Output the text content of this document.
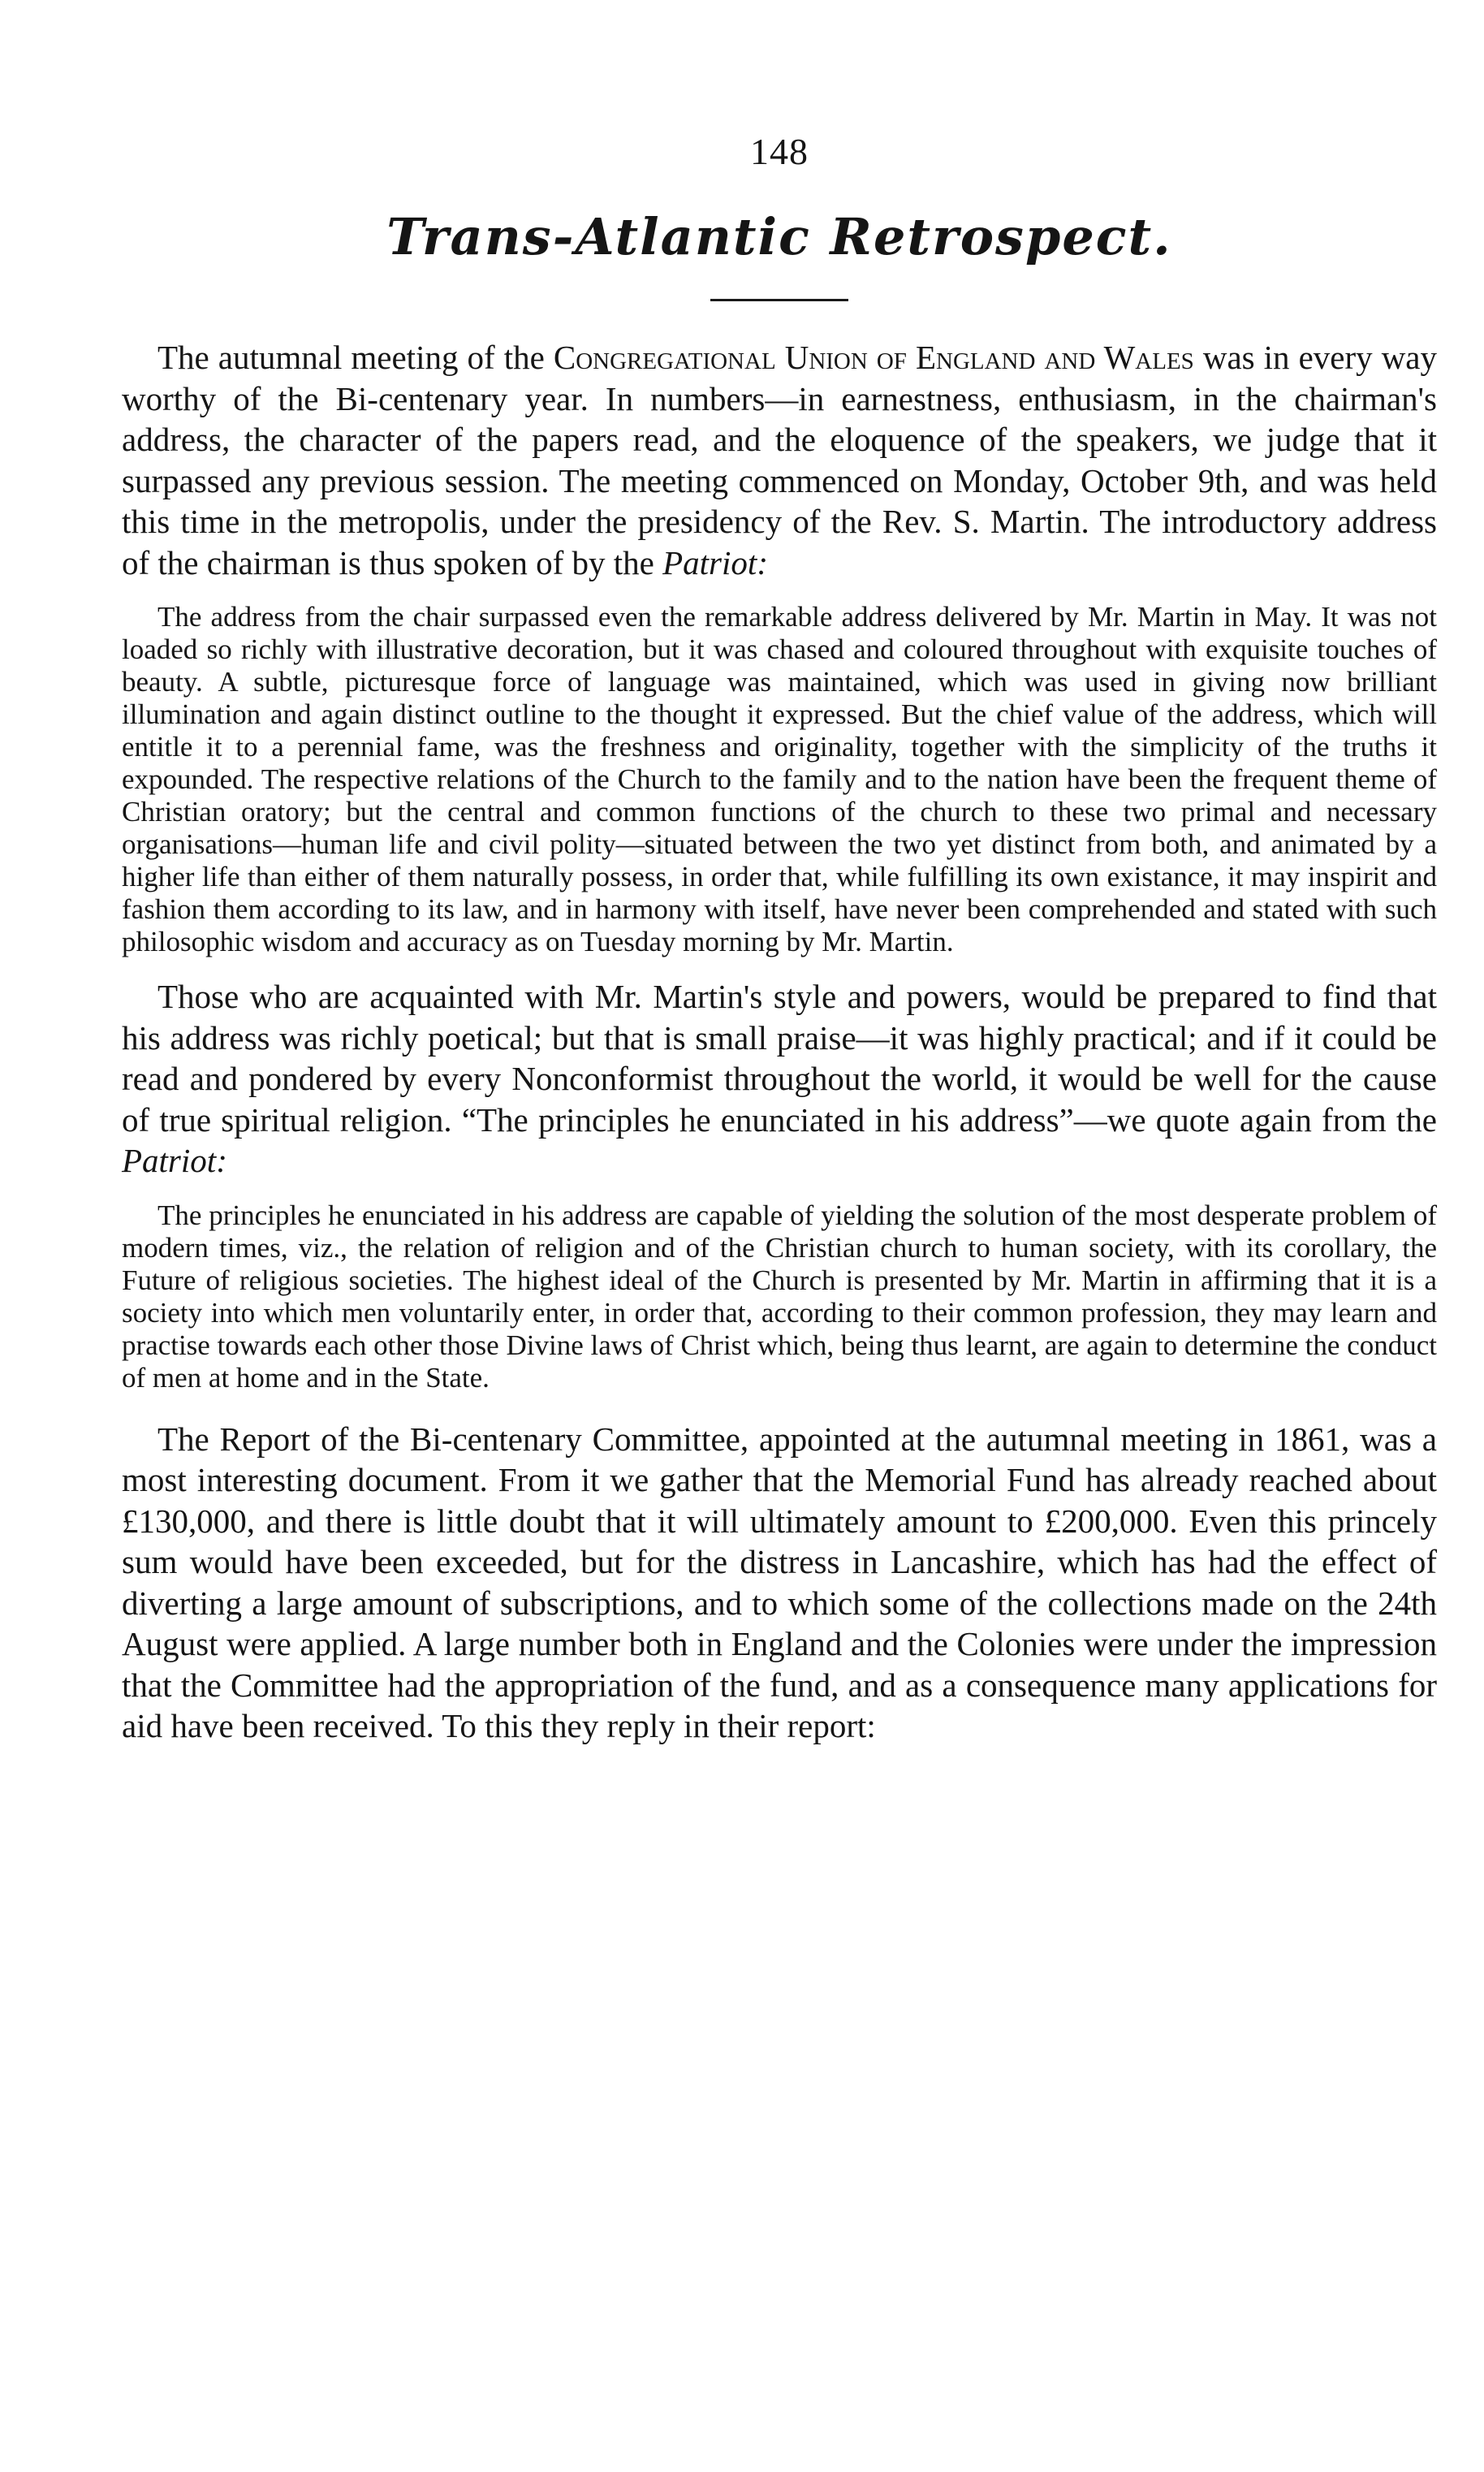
148
Trans-Atlantic Retrospect.

The autumnal meeting of the Congregational Union of England and Wales was in every way worthy of the Bi-centenary year. In numbers—in earnestness, enthusiasm, in the chairman's address, the character of the papers read, and the eloquence of the speakers, we judge that it surpassed any previous session. The meeting commenced on Monday, October 9th, and was held this time in the metropolis, under the presidency of the Rev. S. Martin. The introductory address of the chairman is thus spoken of by the Patriot:

The address from the chair surpassed even the remarkable address delivered by Mr. Martin in May. It was not loaded so richly with illustrative decoration, but it was chased and coloured throughout with exquisite touches of beauty. A subtle, picturesque force of language was maintained, which was used in giving now brilliant illumination and again distinct outline to the thought it expressed. But the chief value of the address, which will entitle it to a perennial fame, was the freshness and originality, together with the simplicity of the truths it expounded. The respective relations of the Church to the family and to the nation have been the frequent theme of Christian oratory; but the central and common functions of the church to these two primal and necessary organisations—human life and civil polity—situated between the two yet distinct from both, and animated by a higher life than either of them naturally possess, in order that, while fulfilling its own existance, it may inspirit and fashion them according to its law, and in harmony with itself, have never been comprehended and stated with such philosophic wisdom and accuracy as on Tuesday morning by Mr. Martin.

Those who are acquainted with Mr. Martin's style and powers, would be prepared to find that his address was richly poetical; but that is small praise—it was highly practical; and if it could be read and pondered by every Nonconformist throughout the world, it would be well for the cause of true spiritual religion. “The principles he enunciated in his address”—we quote again from the Patriot:

The principles he enunciated in his address are capable of yielding the solution of the most desperate problem of modern times, viz., the relation of religion and of the Christian church to human society, with its corollary, the Future of religious societies. The highest ideal of the Church is presented by Mr. Martin in affirming that it is a society into which men voluntarily enter, in order that, according to their common profession, they may learn and practise towards each other those Divine laws of Christ which, being thus learnt, are again to determine the conduct of men at home and in the State.

The Report of the Bi-centenary Committee, appointed at the autumnal meeting in 1861, was a most interesting document. From it we gather that the Memorial Fund has already reached about £130,000, and there is little doubt that it will ultimately amount to £200,000. Even this princely sum would have been exceeded, but for the distress in Lancashire, which has had the effect of diverting a large amount of subscriptions, and to which some of the collections made on the 24th August were applied. A large number both in England and the Colonies were under the impression that the Committee had the appropriation of the fund, and as a consequence many applications for aid have been received. To this they reply in their report:
